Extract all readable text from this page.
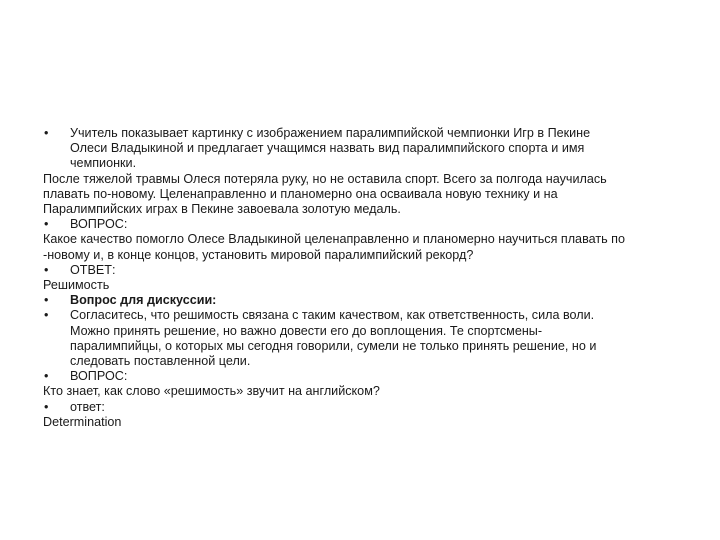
• Учитель показывает картинку с изображением паралимпийской чемпионки Игр в Пекине
Олеси Владыкиной и предлагает учащимся назвать вид паралимпийского спорта и имя
чемпионки.
После тяжелой травмы Олеся потеряла руку, но не оставила спорт. Всего за полгода научилась
плавать по-новому. Целенаправленно и планомерно она осваивала новую технику и на
Паралимпийских играх в Пекине завоевала золотую медаль.
• ВОПРОС:
Какое качество помогло Олесе Владыкиной целенаправленно и планомерно научиться плавать по
-новому и, в конце концов, установить мировой паралимпийский рекорд?
• ОТВЕТ:
Решимость
• Вопрос для дискуссии:
• Согласитесь, что решимость связана с таким качеством, как ответственность, сила воли.
Можно принять решение, но важно довести его до воплощения. Те спортсмены-
паралимпийцы, о которых мы сегодня говорили, сумели не только принять решение, но и
следовать поставленной цели.
• ВОПРОС:
Кто знает, как слово «решимость» звучит на английском?
• ответ:
Determination
